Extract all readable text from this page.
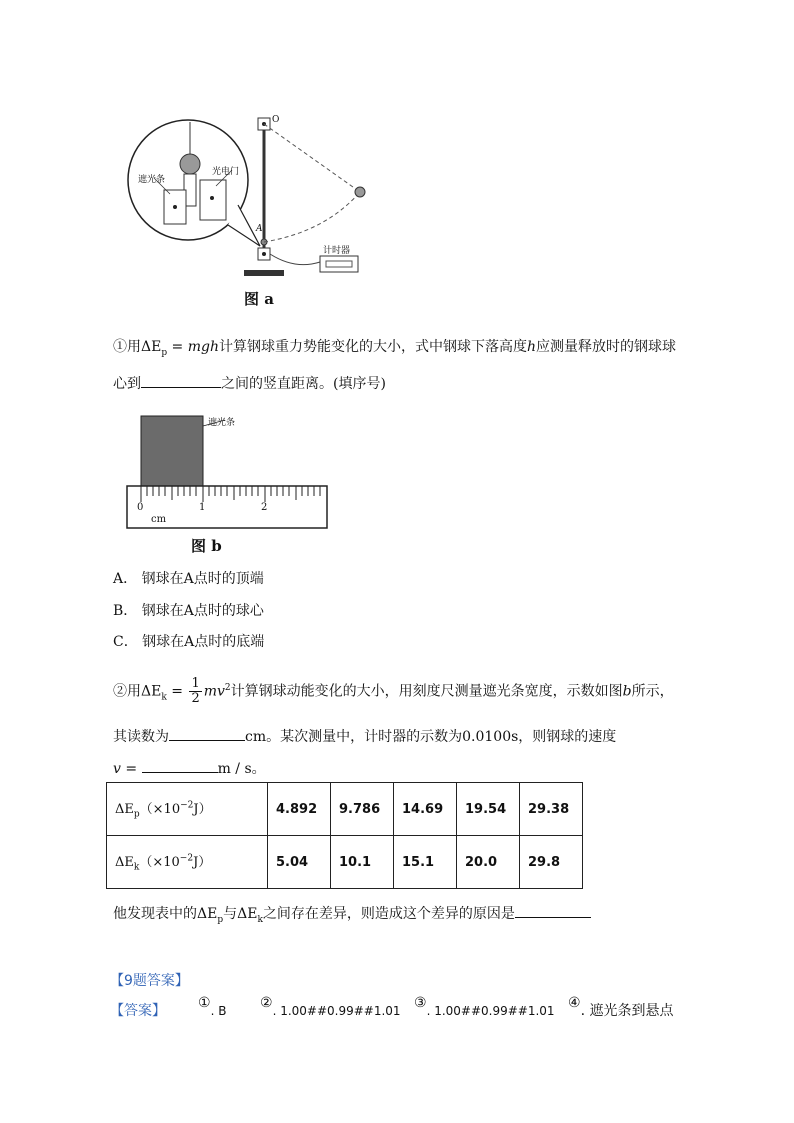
遮光条
光电门
计时器
A
O
图 a
①用$\Delta E_p$ = mgh计算钢球重力势能变化的大小，式中钢球下落高度h应测量释放时的钢球球
心到	之间的竖直距离。(填序号)
遮光条
0	1	2
cm
图 b
A． 钢球在A点时的顶端
B． 钢球在A点时的球心
C． 钢球在A点时的底端
②用$\Delta E_k = \frac{1}{2} mv^2$计算钢球动能变化的大小，用刻度尺测量遮光条宽度，示数如图b所示，
其读数为	cm。某次测量中，计时器的示数为0.0100s，则钢球的速度
v =	m / s。
$\Delta E_p(\times 10^{-2}J)$	4.892	9.786	14.69	19.54	29.38
$\Delta E_k(\times 10^{-2}J)$	5.04	10.1	15.1	20.0	29.8
他发现表中的$\Delta E_p$与$\Delta E_k$之间存在差异，则造成这个差异的原因是
【9题答案】
【答案】 ①. B ②. 1.00##0.99##1.01 ③. 1.00##0.99##1.01 ④. 遮光条到悬点
